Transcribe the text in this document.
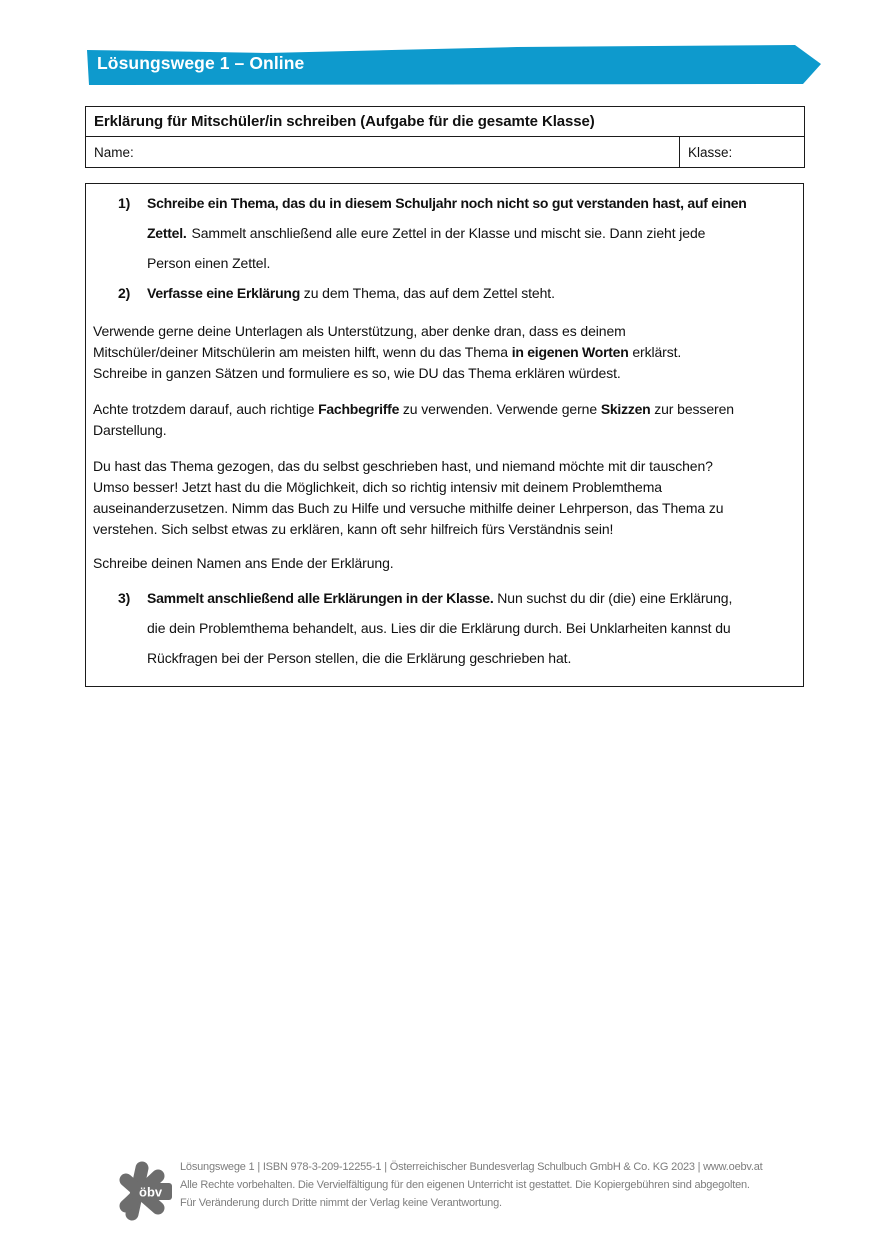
Lösungswege 1 – Online
Erklärung für Mitschüler/in schreiben (Aufgabe für die gesamte Klasse)
Name:	Klasse:
1) Schreibe ein Thema, das du in diesem Schuljahr noch nicht so gut verstanden hast, auf einen
Zettel. Sammelt anschließend alle eure Zettel in der Klasse und mischt sie. Dann zieht jede
Person einen Zettel.
2) Verfasse eine Erklärung zu dem Thema, das auf dem Zettel steht.
Verwende gerne deine Unterlagen als Unterstützung, aber denke dran, dass es deinem
Mitschüler/deiner Mitschülerin am meisten hilft, wenn du das Thema in eigenen Worten erklärst.
Schreibe in ganzen Sätzen und formuliere es so, wie DU das Thema erklären würdest.
Achte trotzdem darauf, auch richtige Fachbegriffe zu verwenden. Verwende gerne Skizzen zur besseren
Darstellung.
Du hast das Thema gezogen, das du selbst geschrieben hast, und niemand möchte mit dir tauschen?
Umso besser! Jetzt hast du die Möglichkeit, dich so richtig intensiv mit deinem Problemthema
auseinanderzusetzen. Nimm das Buch zu Hilfe und versuche mithilfe deiner Lehrperson, das Thema zu
verstehen. Sich selbst etwas zu erklären, kann oft sehr hilfreich fürs Verständnis sein!
Schreibe deinen Namen ans Ende der Erklärung.
3) Sammelt anschließend alle Erklärungen in der Klasse. Nun suchst du dir (die) eine Erklärung,
die dein Problemthema behandelt, aus. Lies dir die Erklärung durch. Bei Unklarheiten kannst du
Rückfragen bei der Person stellen, die die Erklärung geschrieben hat.
öbv
Lösungswege 1 | ISBN 978-3-209-12255-1 | Österreichischer Bundesverlag Schulbuch GmbH & Co. KG 2023 | www.oebv.at
Alle Rechte vorbehalten. Die Vervielfältigung für den eigenen Unterricht ist gestattet. Die Kopiergebühren sind abgegolten.
Für Veränderung durch Dritte nimmt der Verlag keine Verantwortung.
